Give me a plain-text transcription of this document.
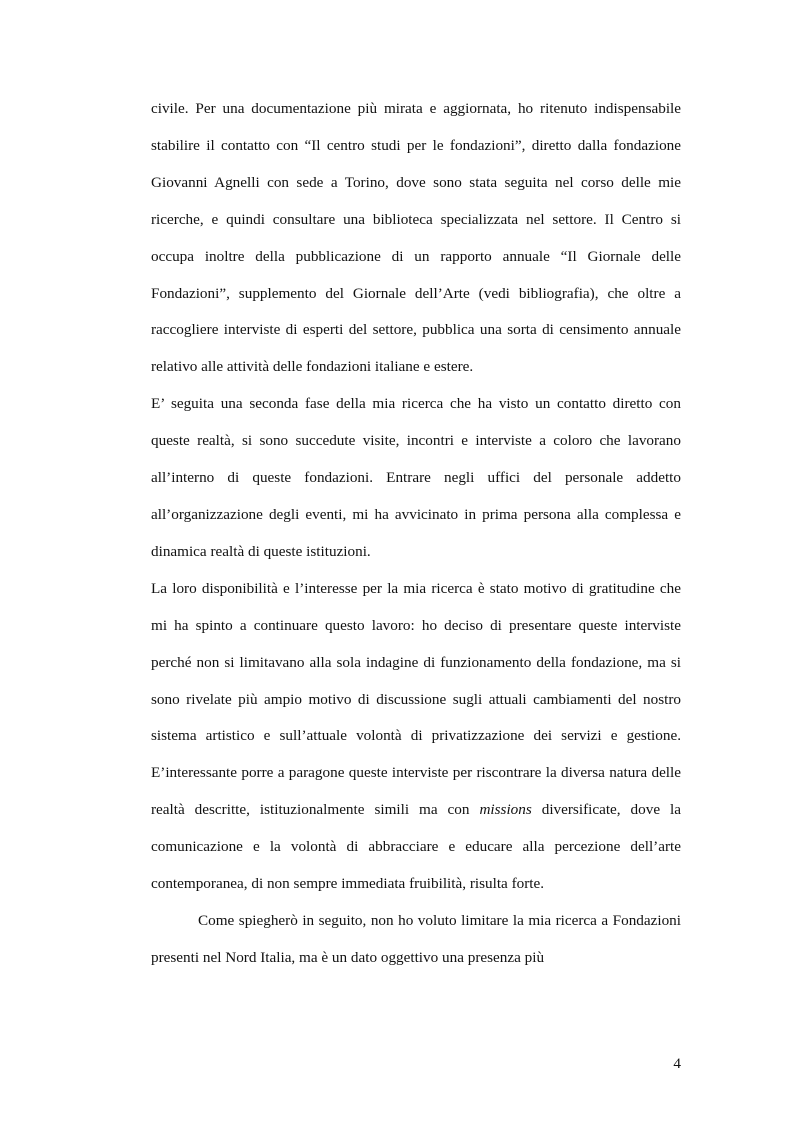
civile. Per una documentazione più mirata e aggiornata, ho ritenuto indispensabile stabilire il contatto con “Il centro studi per le fondazioni”, diretto dalla fondazione Giovanni Agnelli con sede a Torino, dove sono stata seguita nel corso delle mie ricerche, e quindi consultare una biblioteca specializzata nel settore. Il Centro si occupa inoltre della pubblicazione di un rapporto annuale “Il Giornale delle Fondazioni”, supplemento del Giornale dell’Arte (vedi bibliografia), che oltre a raccogliere interviste di esperti del settore, pubblica una sorta di censimento annuale relativo alle attività delle fondazioni italiane e estere.

E’ seguita una seconda fase della mia ricerca che ha visto un contatto diretto con queste realtà, si sono succedute visite, incontri e interviste a coloro che lavorano all’interno di queste fondazioni. Entrare negli uffici del personale addetto all’organizzazione degli eventi, mi ha avvicinato in prima persona alla complessa e dinamica realtà di queste istituzioni.

La loro disponibilità e l’interesse per la mia ricerca è stato motivo di gratitudine che mi ha spinto a continuare questo lavoro: ho deciso di presentare queste interviste perché non si limitavano alla sola indagine di funzionamento della fondazione, ma si sono rivelate più ampio motivo di discussione sugli attuali cambiamenti del nostro sistema artistico e sull’attuale volontà di privatizzazione dei servizi e gestione. E’interessante porre a paragone queste interviste per riscontrare la diversa natura delle realtà descritte, istituzionalmente simili ma con missions diversificate, dove la comunicazione e la volontà di abbracciare e educare alla percezione dell’arte contemporanea, di non sempre immediata fruibilità, risulta forte.

Come spiegherò in seguito, non ho voluto limitare la mia ricerca a Fondazioni presenti nel Nord Italia, ma è un dato oggettivo una presenza più

4
